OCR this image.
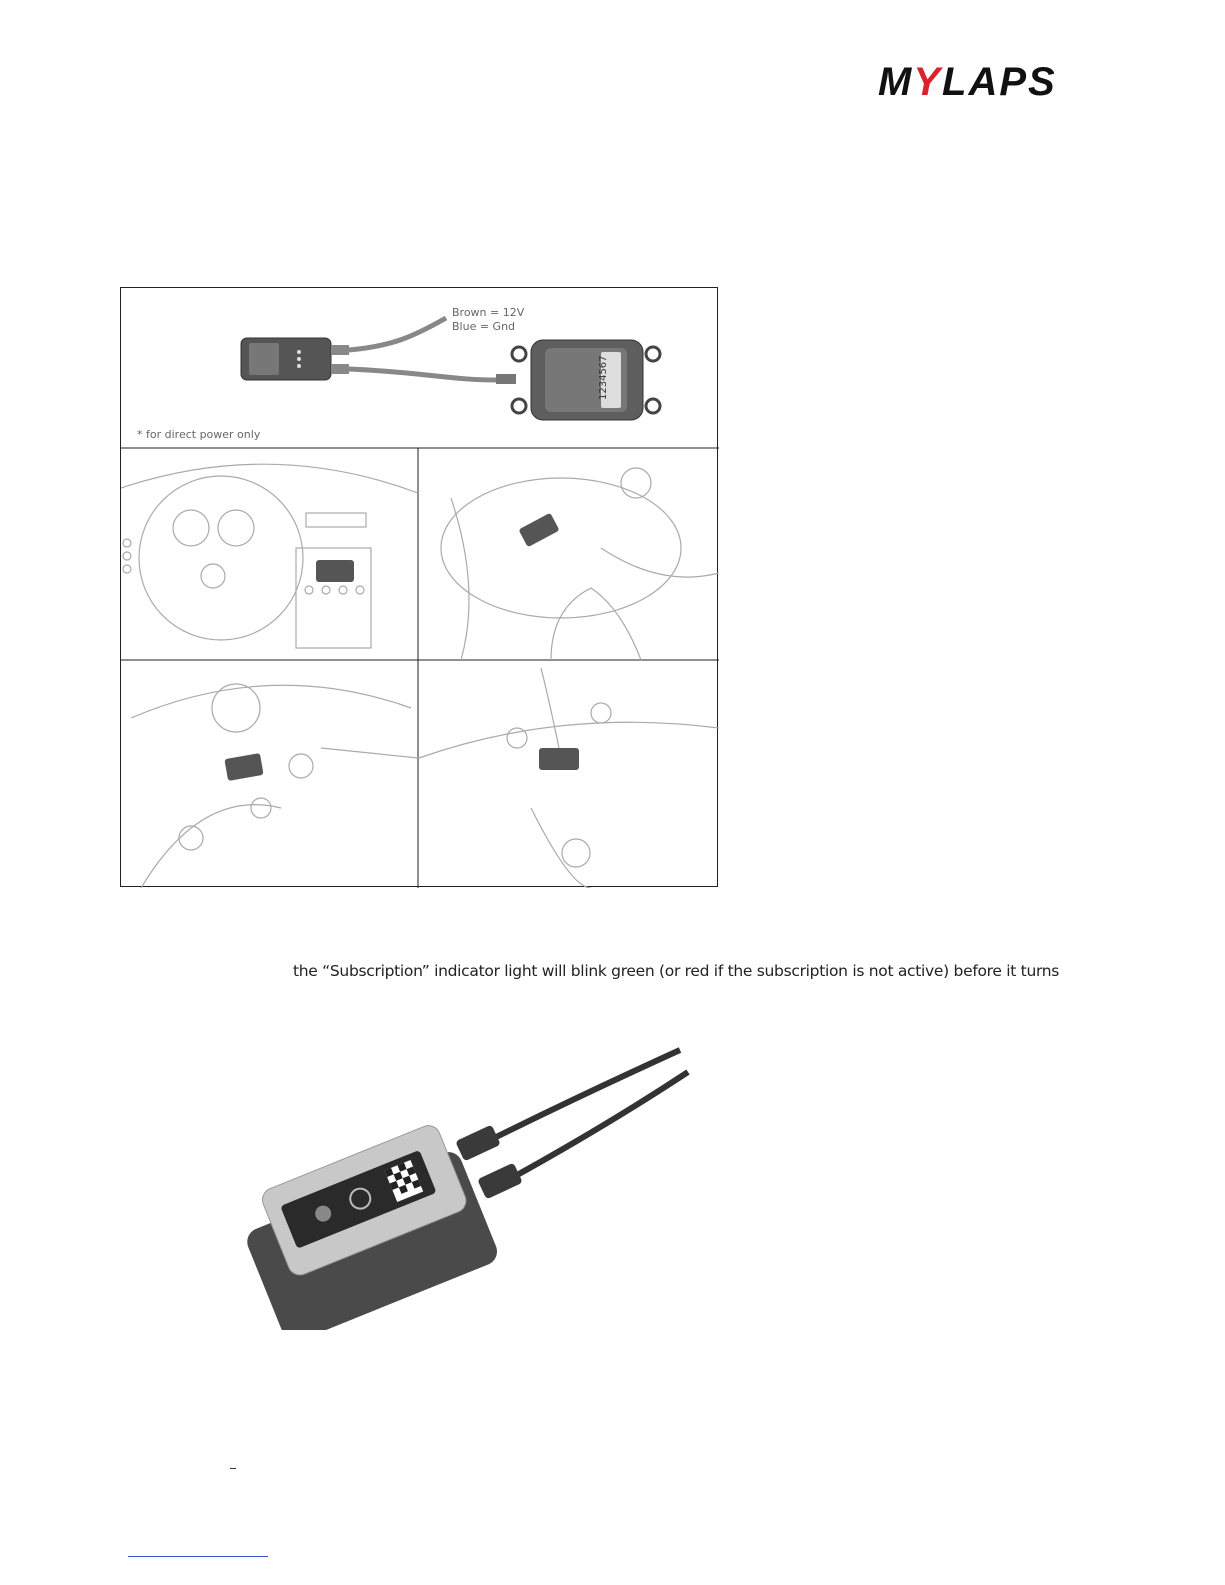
MYLAPS
Brown = 12V
Blue = Gnd
1234567
* for direct power only
the “Subscription” indicator light will blink green (or red if the subscription is not active) before it turns
